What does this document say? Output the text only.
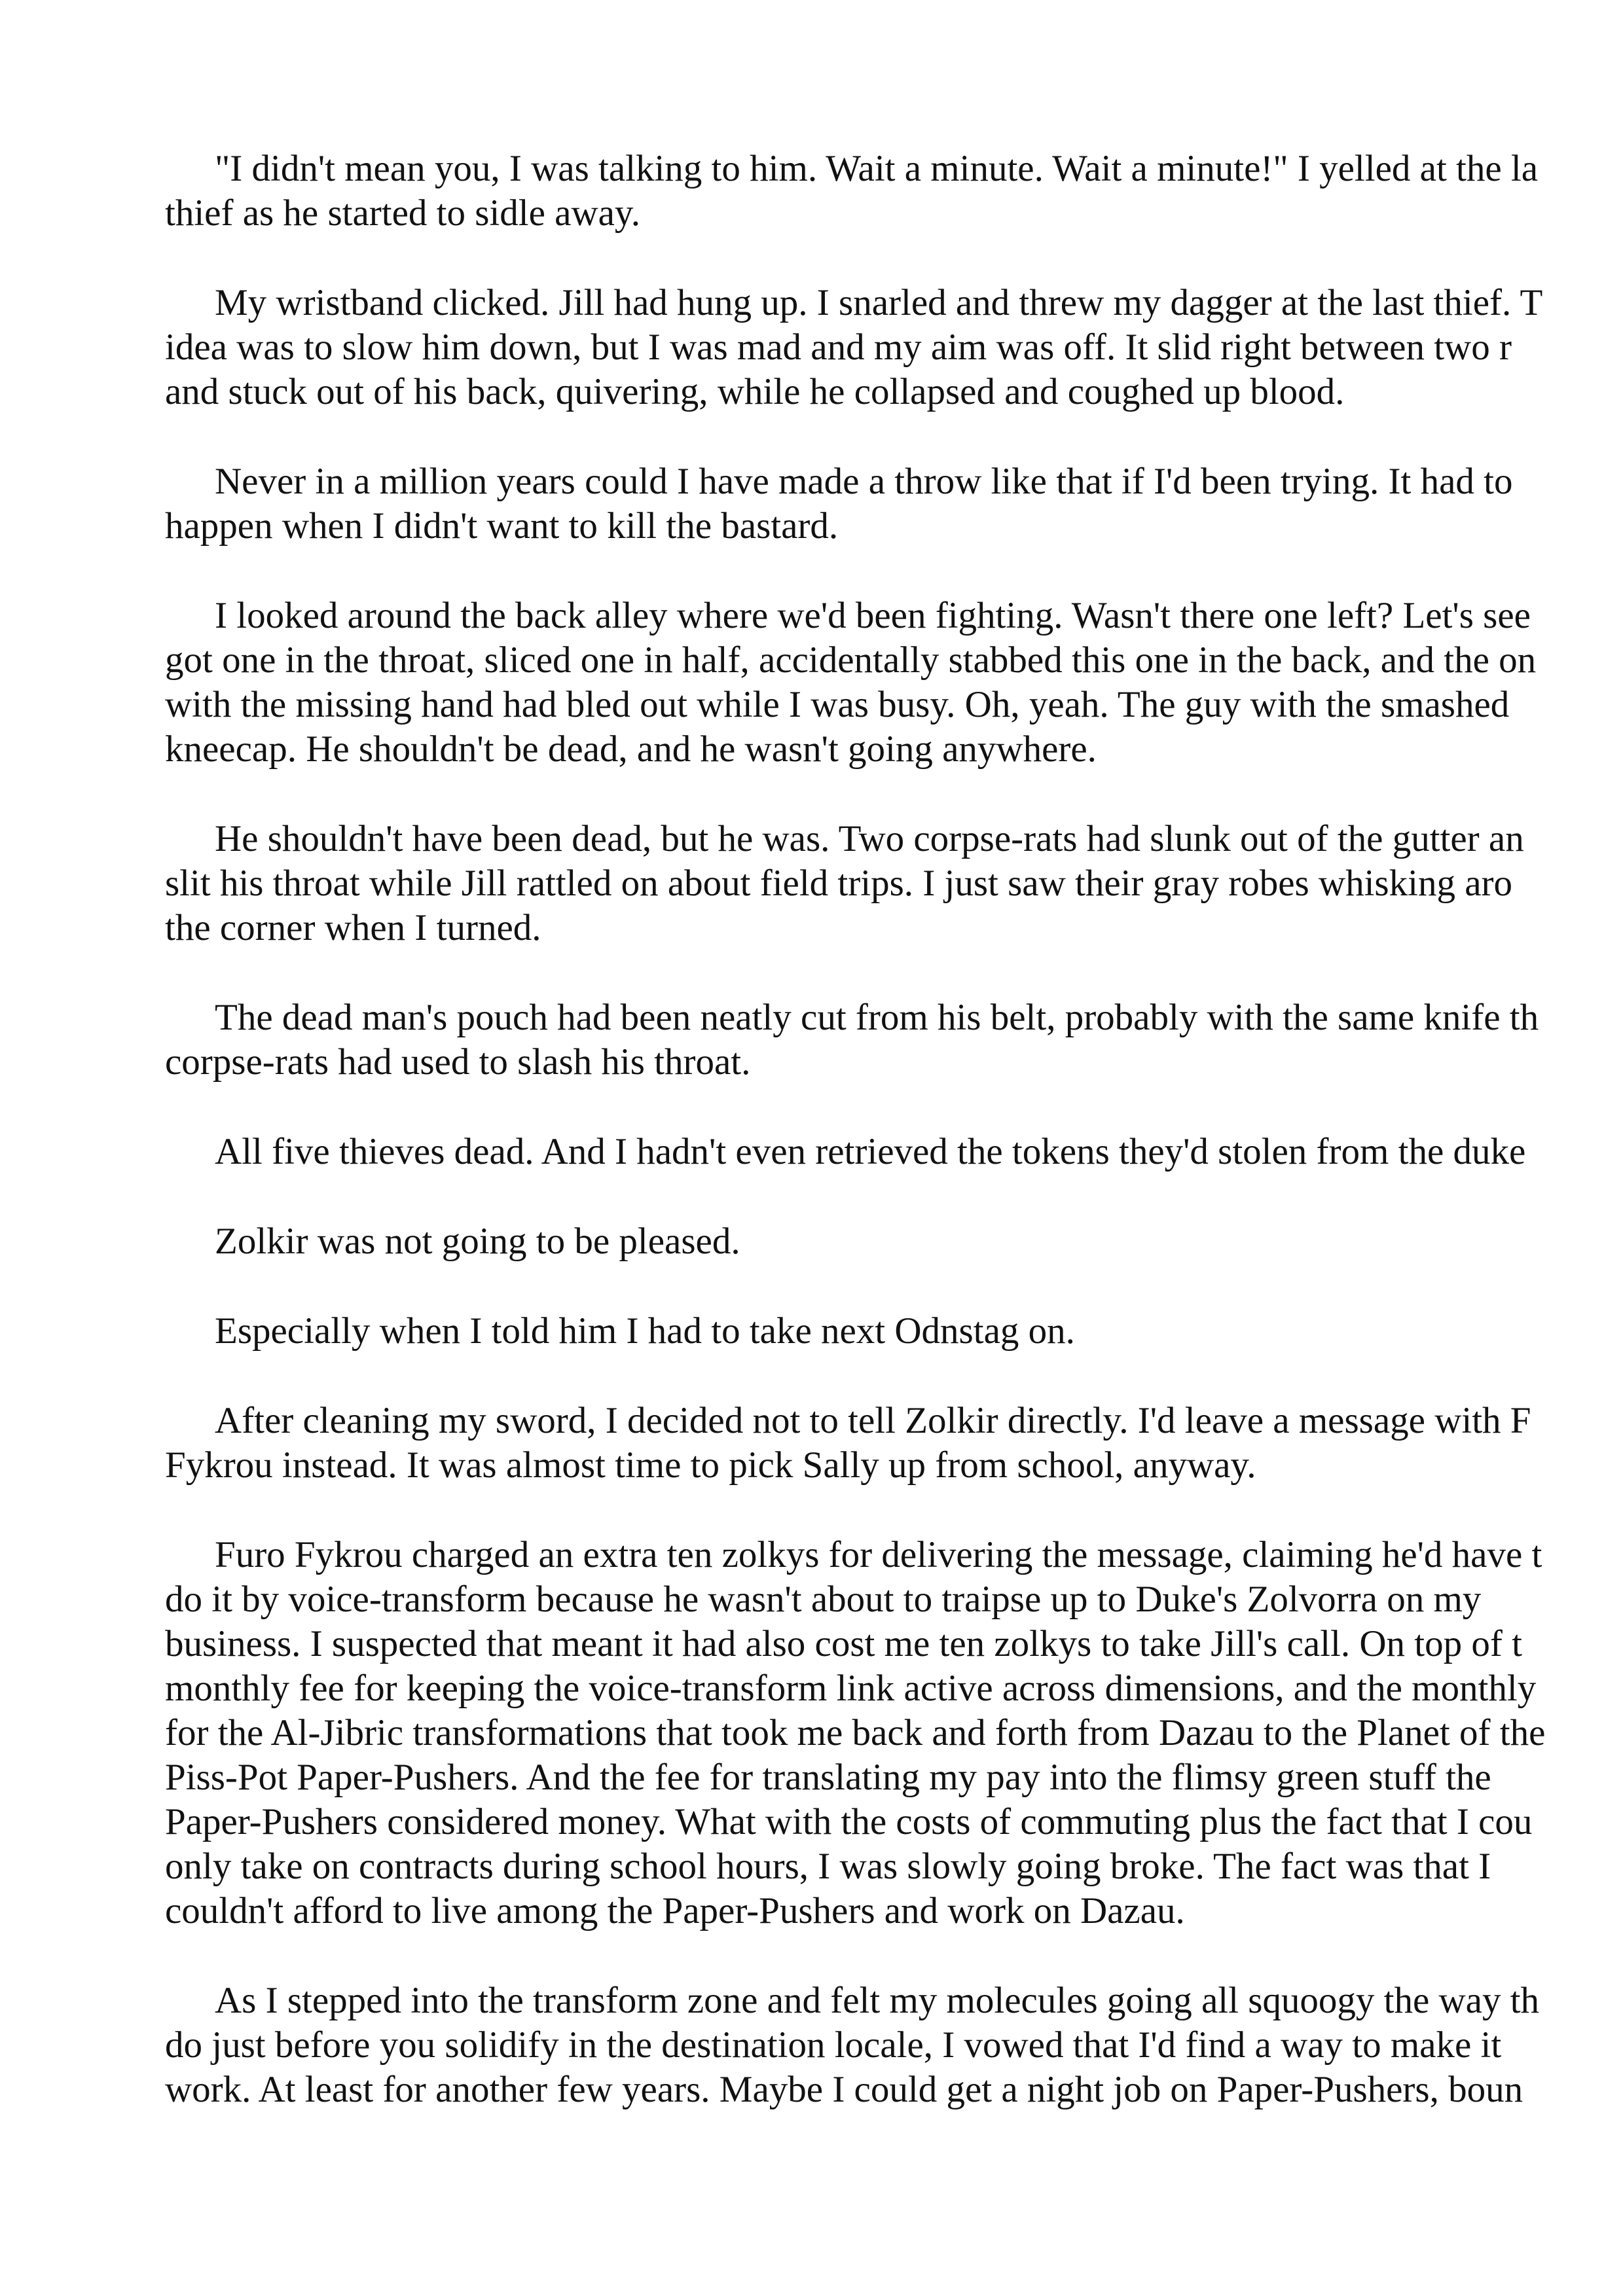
"I didn't mean you, I was talking to him. Wait a minute. Wait a minute!" I yelled at the la
thief as he started to sidle away.

My wristband clicked. Jill had hung up. I snarled and threw my dagger at the last thief. T
idea was to slow him down, but I was mad and my aim was off. It slid right between two r
and stuck out of his back, quivering, while he collapsed and coughed up blood.

Never in a million years could I have made a throw like that if I'd been trying. It had to
happen when I didn't want to kill the bastard.

I looked around the back alley where we'd been fighting. Wasn't there one left? Let's see
got one in the throat, sliced one in half, accidentally stabbed this one in the back, and the on
with the missing hand had bled out while I was busy. Oh, yeah. The guy with the smashed
kneecap. He shouldn't be dead, and he wasn't going anywhere.

He shouldn't have been dead, but he was. Two corpse-rats had slunk out of the gutter an
slit his throat while Jill rattled on about field trips. I just saw their gray robes whisking aro
the corner when I turned.

The dead man's pouch had been neatly cut from his belt, probably with the same knife th
corpse-rats had used to slash his throat.

All five thieves dead. And I hadn't even retrieved the tokens they'd stolen from the duke

Zolkir was not going to be pleased.

Especially when I told him I had to take next Odnstag on.

After cleaning my sword, I decided not to tell Zolkir directly. I'd leave a message with F
Fykrou instead. It was almost time to pick Sally up from school, anyway.

Furo Fykrou charged an extra ten zolkys for delivering the message, claiming he'd have t
do it by voice-transform because he wasn't about to traipse up to Duke's Zolvorra on my
business. I suspected that meant it had also cost me ten zolkys to take Jill's call. On top of t
monthly fee for keeping the voice-transform link active across dimensions, and the monthly
for the Al-Jibric transformations that took me back and forth from Dazau to the Planet of the
Piss-Pot Paper-Pushers. And the fee for translating my pay into the flimsy green stuff the
Paper-Pushers considered money. What with the costs of commuting plus the fact that I cou
only take on contracts during school hours, I was slowly going broke. The fact was that I
couldn't afford to live among the Paper-Pushers and work on Dazau.

As I stepped into the transform zone and felt my molecules going all squoogy the way th
do just before you solidify in the destination locale, I vowed that I'd find a way to make it
work. At least for another few years. Maybe I could get a night job on Paper-Pushers, boun
